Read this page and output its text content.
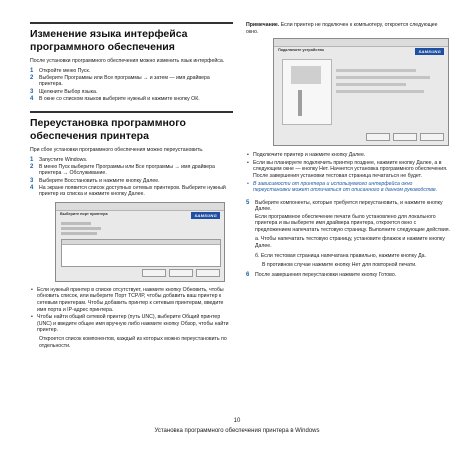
Изменение языка интерфейса программного обеспечения
После установки программного обеспечения можно изменить язык интерфейса.
1 Откройте меню Пуск.
2 Выберите Программы или Все программы → и затем — имя драйвера принтера.
3 Щелкните Выбор языка.
4 В окне со списком языков выберите нужный и нажмите кнопку ОК.
Переустановка программного обеспечения принтера
При сбое установки программного обеспечения можно переустановить.
1 Запустите Windows.
2 В меню Пуск выберите Программы или Все программы → имя драйвера принтера → Обслуживание.
3 Выберите Восстановить и нажмите кнопку Далее.
4 На экране появится список доступных сетевых принтеров. Выберите нужный принтер из списка и нажмите кнопку Далее.
Выберите порт принтера	SAMSUNG
• Если нужный принтер в списке отсутствует, нажмите кнопку Обновить, чтобы обновить список, или выберите Порт TCP/IP, чтобы добавить ваш принтер к сетевым принтерам. Чтобы добавить принтер к сетевым принтерам, введите имя порта и IP-адрес принтера.
• Чтобы найти общий сетевой принтер (путь UNC), выберите Общий принтер (UNC) и введите общее имя вручную либо нажмите кнопку Обзор, чтобы найти принтер.
Откроется список компонентов, каждый из которых можно переустановить по отдельности.
Примечание. Если принтер не подключен к компьютеру, откроется следующее окно.
Подключите устройство	SAMSUNG
• Подключите принтер и нажмите кнопку Далее.
• Если вы планируете подключить принтер позднее, нажмите кнопку Далее, а в следующем окне — кнопку Нет. Начнется установка программного обеспечения. После завершения установки тестовая страница печататься не будет.
• В зависимости от принтера и используемого интерфейса окно переустановки может отличаться от описанного в данном руководстве.
5 Выберите компоненты, которые требуется переустановить, и нажмите кнопку Далее.
Если программное обеспечение печати было установлено для локального принтера и вы выберете имя драйвера принтера, откроется окно с предложением напечатать тестовую страницу. Выполните следующие действия.
а. Чтобы напечатать тестовую страницу, установите флажок и нажмите кнопку Далее.
б. Если тестовая страница напечатана правильно, нажмите кнопку Да.
В противном случае нажмите кнопку Нет для повторной печати.
6 После завершения переустановки нажмите кнопку Готово.
10
Установка программного обеспечения принтера в Windows
